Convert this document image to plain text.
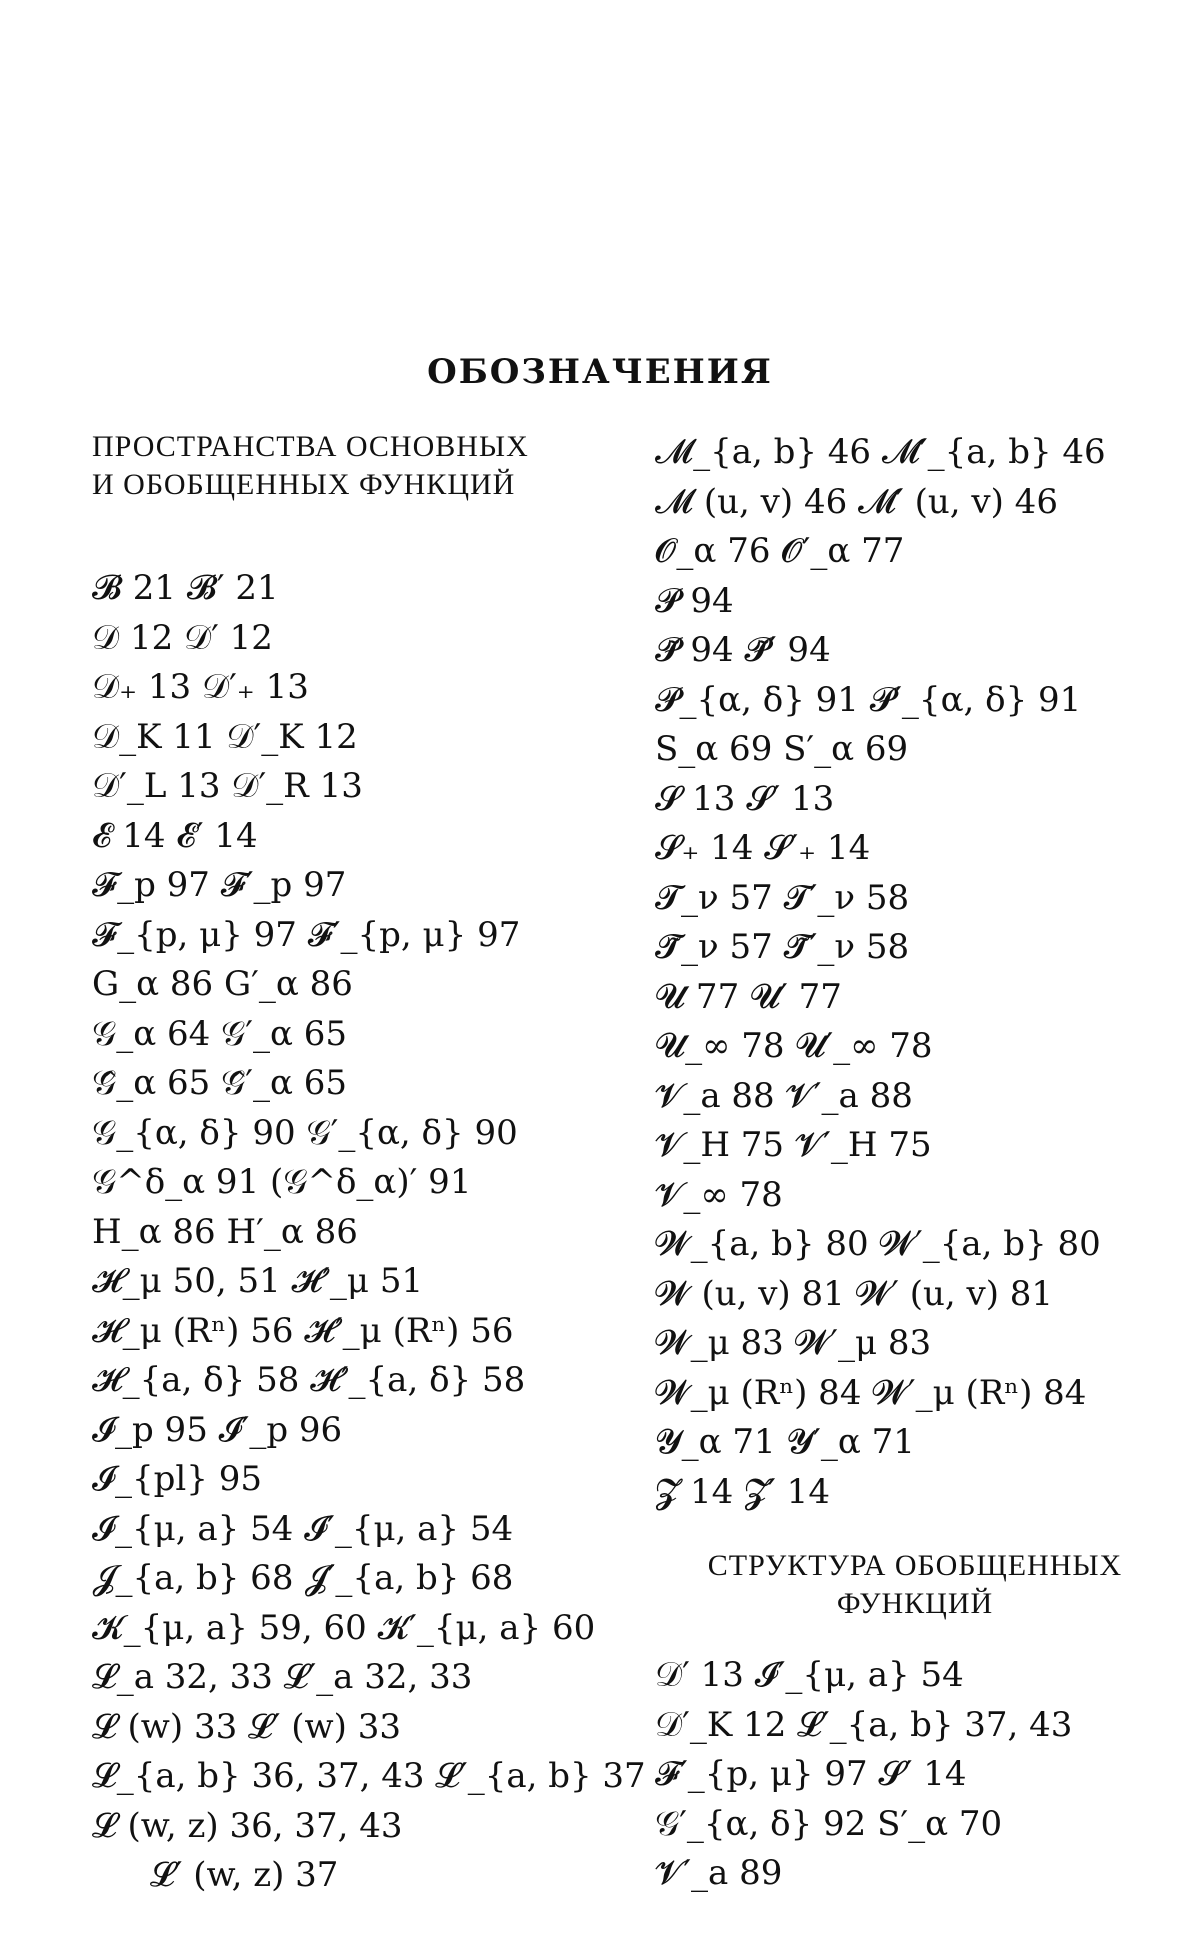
ОБОЗНАЧЕНИЯ
ПРОСТРАНСТВА ОСНОВНЫХ
И ОБОБЩЕННЫХ ФУНКЦИЙ
𝓑 21 𝓑′ 21
𝒟 12 𝒟′ 12
𝒟₊ 13 𝒟′₊ 13
𝒟_K 11 𝒟′_K 12
𝒟′_L 13 𝒟′_R 13
𝓔 14 𝓔′ 14
𝓕_p 97 𝓕′_p 97
𝓕_{p, μ} 97 𝓕′_{p, μ} 97
G_α 86 G′_α 86
𝒢_α 64 𝒢′_α 65
𝒢̂_α 65 𝒢̂′_α 65
𝒢_{α, δ} 90 𝒢′_{α, δ} 90
𝒢^δ_α 91 (𝒢^δ_α)′ 91
H_α 86 H′_α 86
𝓗_μ 50, 51 𝓗′_μ 51
𝓗_μ (Rⁿ) 56 𝓗′_μ (Rⁿ) 56
𝓗_{a, δ} 58 𝓗′_{a, δ} 58
𝓘_p 95 𝓘′_p 96
𝓘_{pl} 95
𝓘_{μ, a} 54 𝓘′_{μ, a} 54
𝓙_{a, b} 68 𝓙′_{a, b} 68
𝓚_{μ, a} 59, 60 𝓚′_{μ, a} 60
𝓛_a 32, 33 𝓛′_a 32, 33
𝓛 (w) 33 𝓛′ (w) 33
𝓛_{a, b} 36, 37, 43 𝓛′_{a, b} 37
𝓛 (w, z) 36, 37, 43
𝓛′ (w, z) 37
𝓜_{a, b} 46 𝓜′_{a, b} 46
𝓜 (u, v) 46 𝓜′ (u, v) 46
𝓞_α 76 𝓞′_α 77
𝓟 94
𝓟̃ 94 𝓟̃′ 94
𝓟_{α, δ} 91 𝓟′_{α, δ} 91
S_α 69 S′_α 69
𝓢 13 𝓢′ 13
𝓢₊ 14 𝓢′₊ 14
𝓣_ν 57 𝓣′_ν 58
𝓣̃_ν 57 𝓣̃′_ν 58
𝓤 77 𝓤′ 77
𝓤_∞ 78 𝓤′_∞ 78
𝓥_a 88 𝓥′_a 88
𝓥_H 75 𝓥′_H 75
𝓥_∞ 78
𝓦_{a, b} 80 𝓦′_{a, b} 80
𝓦 (u, v) 81 𝓦′ (u, v) 81
𝓦_μ 83 𝓦′_μ 83
𝓦_μ (Rⁿ) 84 𝓦′_μ (Rⁿ) 84
𝓨_α 71 𝓨′_α 71
𝓩 14 𝓩′ 14
СТРУКТУРА ОБОБЩЕННЫХ
ФУНКЦИЙ
𝒟′ 13 𝓘′_{μ, a} 54
𝒟′_K 12 𝓛′_{a, b} 37, 43
𝓕′_{p, μ} 97 𝓢′ 14
𝒢′_{α, δ} 92 S′_α 70
𝓥′_a 89
